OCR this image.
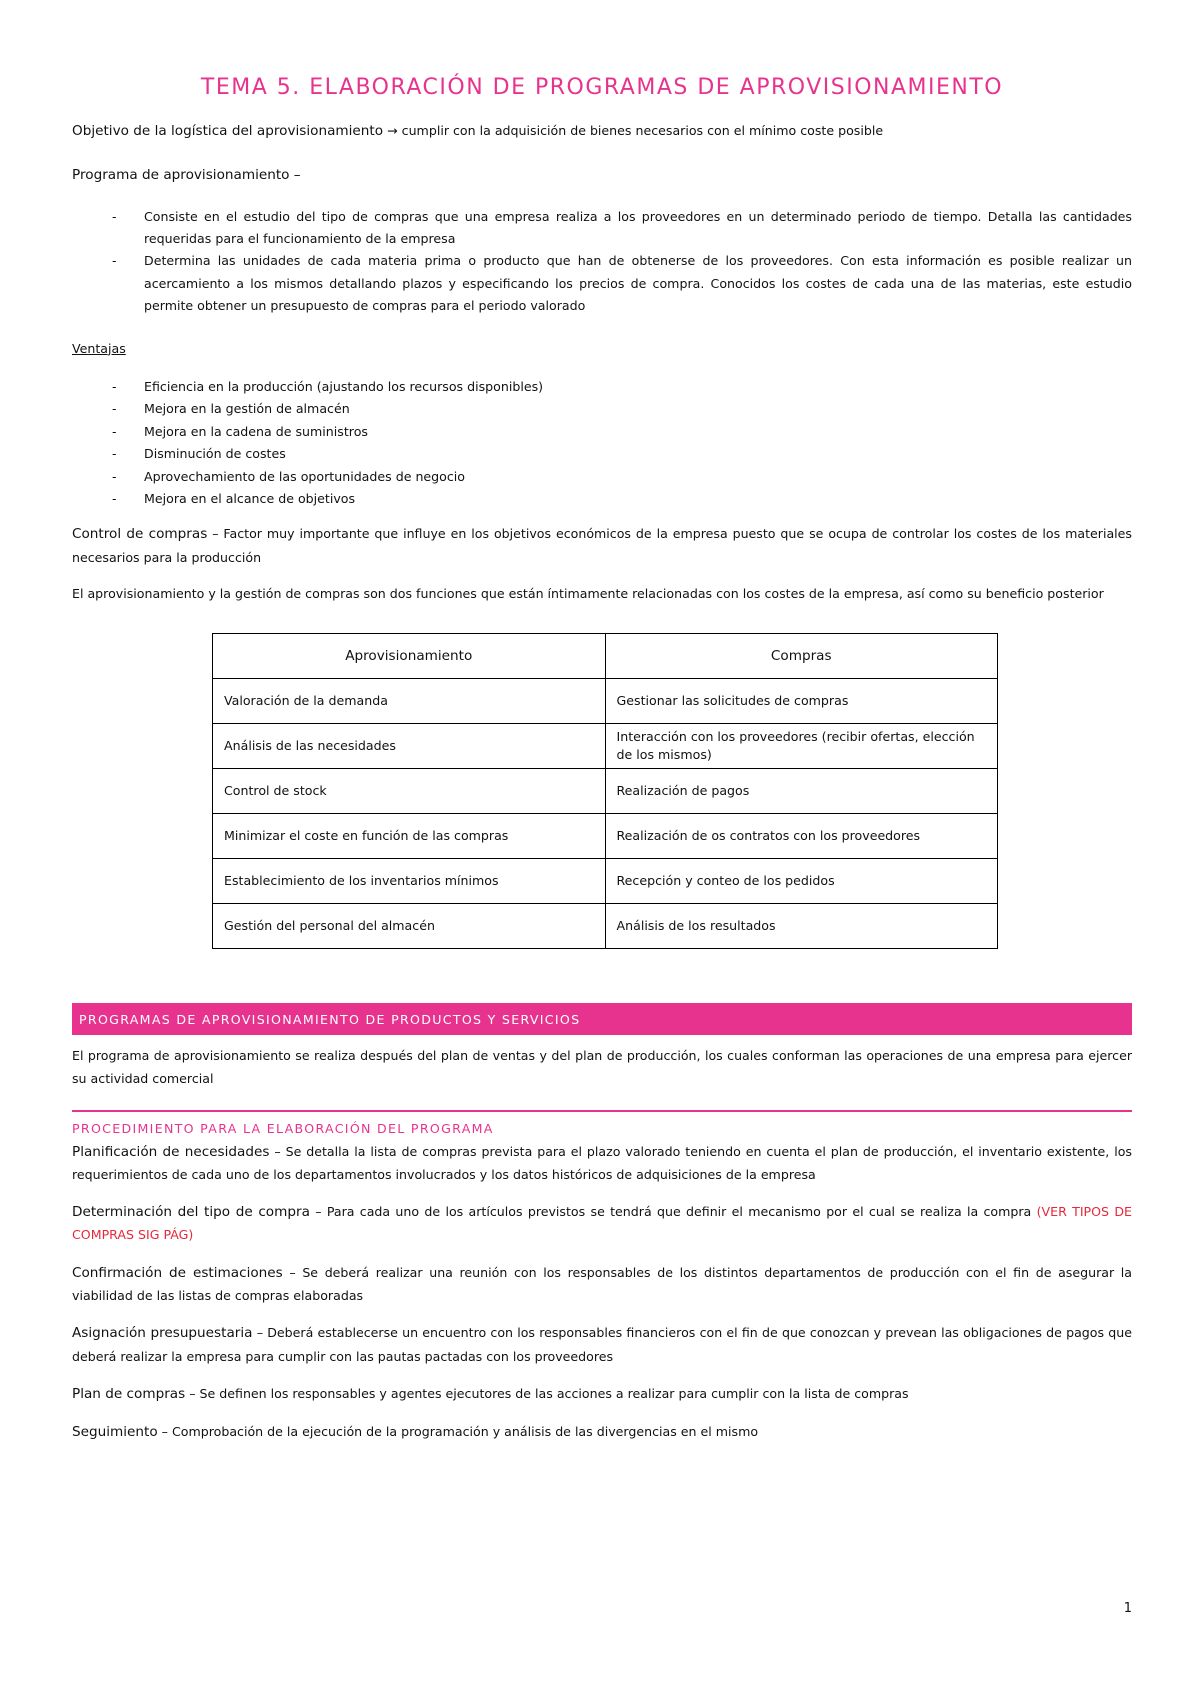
TEMA 5. ELABORACIÓN DE PROGRAMAS DE APROVISIONAMIENTO

Objetivo de la logística del aprovisionamiento → cumplir con la adquisición de bienes necesarios con el mínimo coste posible

Programa de aprovisionamiento –

- Consiste en el estudio del tipo de compras que una empresa realiza a los proveedores en un determinado periodo de tiempo. Detalla las cantidades requeridas para el funcionamiento de la empresa
- Determina las unidades de cada materia prima o producto que han de obtenerse de los proveedores. Con esta información es posible realizar un acercamiento a los mismos detallando plazos y especificando los precios de compra. Conocidos los costes de cada una de las materias, este estudio permite obtener un presupuesto de compras para el periodo valorado

Ventajas

- Eficiencia en la producción (ajustando los recursos disponibles)
- Mejora en la gestión de almacén
- Mejora en la cadena de suministros
- Disminución de costes
- Aprovechamiento de las oportunidades de negocio
- Mejora en el alcance de objetivos

Control de compras – Factor muy importante que influye en los objetivos económicos de la empresa puesto que se ocupa de controlar los costes de los materiales necesarios para la producción

El aprovisionamiento y la gestión de compras son dos funciones que están íntimamente relacionadas con los costes de la empresa, así como su beneficio posterior

Aprovisionamiento	Compras
Valoración de la demanda	Gestionar las solicitudes de compras
Análisis de las necesidades	Interacción con los proveedores (recibir ofertas, elección de los mismos)
Control de stock	Realización de pagos
Minimizar el coste en función de las compras	Realización de os contratos con los proveedores
Establecimiento de los inventarios mínimos	Recepción y conteo de los pedidos
Gestión del personal del almacén	Análisis de los resultados
PROGRAMAS DE APROVISIONAMIENTO DE PRODUCTOS Y SERVICIOS

El programa de aprovisionamiento se realiza después del plan de ventas y del plan de producción, los cuales conforman las operaciones de una empresa para ejercer su actividad comercial

PROCEDIMIENTO PARA LA ELABORACIÓN DEL PROGRAMA

Planificación de necesidades – Se detalla la lista de compras prevista para el plazo valorado teniendo en cuenta el plan de producción, el inventario existente, los requerimientos de cada uno de los departamentos involucrados y los datos históricos de adquisiciones de la empresa

Determinación del tipo de compra – Para cada uno de los artículos previstos se tendrá que definir el mecanismo por el cual se realiza la compra (VER TIPOS DE COMPRAS SIG PÁG)

Confirmación de estimaciones – Se deberá realizar una reunión con los responsables de los distintos departamentos de producción con el fin de asegurar la viabilidad de las listas de compras elaboradas

Asignación presupuestaria – Deberá establecerse un encuentro con los responsables financieros con el fin de que conozcan y prevean las obligaciones de pagos que deberá realizar la empresa para cumplir con las pautas pactadas con los proveedores

Plan de compras – Se definen los responsables y agentes ejecutores de las acciones a realizar para cumplir con la lista de compras

Seguimiento – Comprobación de la ejecución de la programación y análisis de las divergencias en el mismo

1
